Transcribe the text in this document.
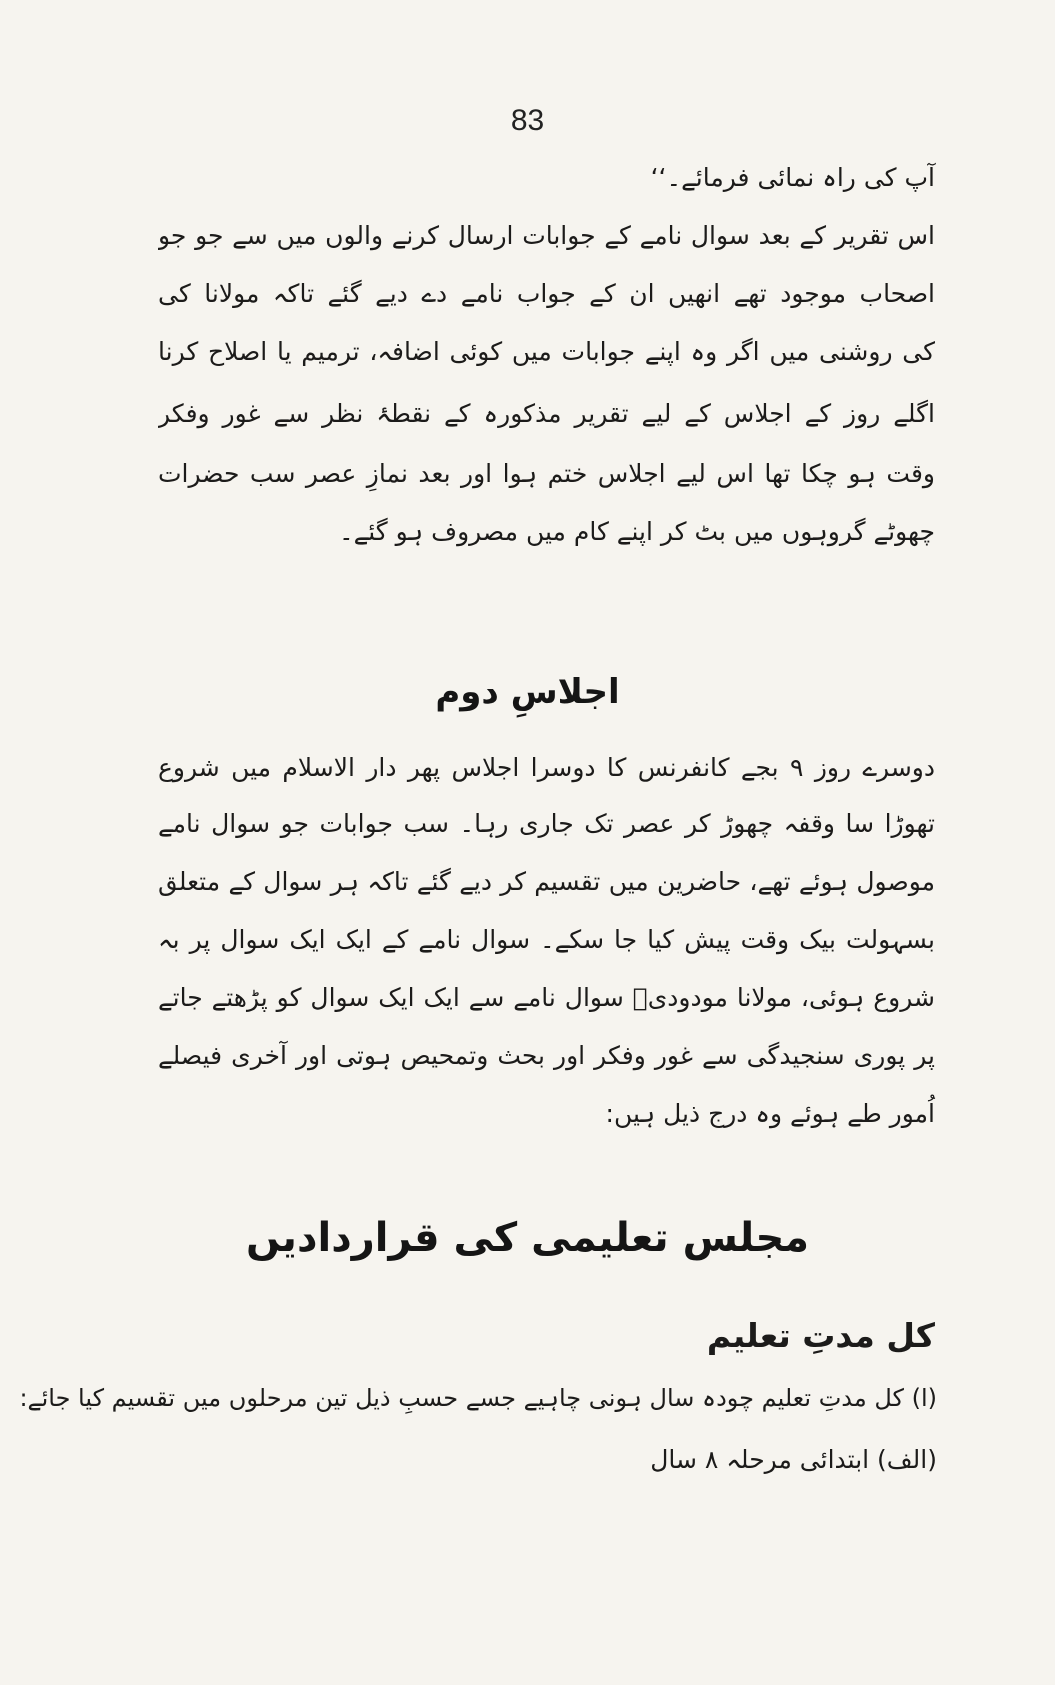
83
آپ کی راہ نمائی فرمائے۔‘‘
اس تقریر کے بعد سوال نامے کے جوابات ارسال کرنے والوں میں سے جو جو
اصحاب موجود تھے انھیں ان کے جواب نامے دے دیے گئے تاکہ مولانا کی
کی روشنی میں اگر وہ اپنے جوابات میں کوئی اضافہ، ترمیم یا اصلاح کرنا
اگلے روز کے اجلاس کے لیے تقریر مذکورہ کے نقطۂ نظر سے غور وفکر
وقت ہو چکا تھا اس لیے اجلاس ختم ہوا اور بعد نمازِ عصر سب حضرات
چھوٹے گروہوں میں بٹ کر اپنے کام میں مصروف ہو گئے۔
اجلاسِ دوم
دوسرے روز ۹ بجے کانفرنس کا دوسرا اجلاس پھر دار الاسلام میں شروع
تھوڑا سا وقفہ چھوڑ کر عصر تک جاری رہا۔ سب جوابات جو سوال نامے
موصول ہوئے تھے، حاضرین میں تقسیم کر دیے گئے تاکہ ہر سوال کے متعلق
بسہولت بیک وقت پیش کیا جا سکے۔ سوال نامے کے ایک ایک سوال پر بہ
شروع ہوئی، مولانا مودودیؒ سوال نامے سے ایک ایک سوال کو پڑھتے جاتے
پر پوری سنجیدگی سے غور وفکر اور بحث وتمحیص ہوتی اور آخری فیصلے
اُمور طے ہوئے وہ درج ذیل ہیں:
مجلس تعلیمی کی قراردادیں
کل مدتِ تعلیم
(ا) کل مدتِ تعلیم چودہ سال ہونی چاہیے جسے حسبِ ذیل تین مرحلوں میں تقسیم کیا جائے:
(الف) ابتدائی مرحلہ ۸ سال
